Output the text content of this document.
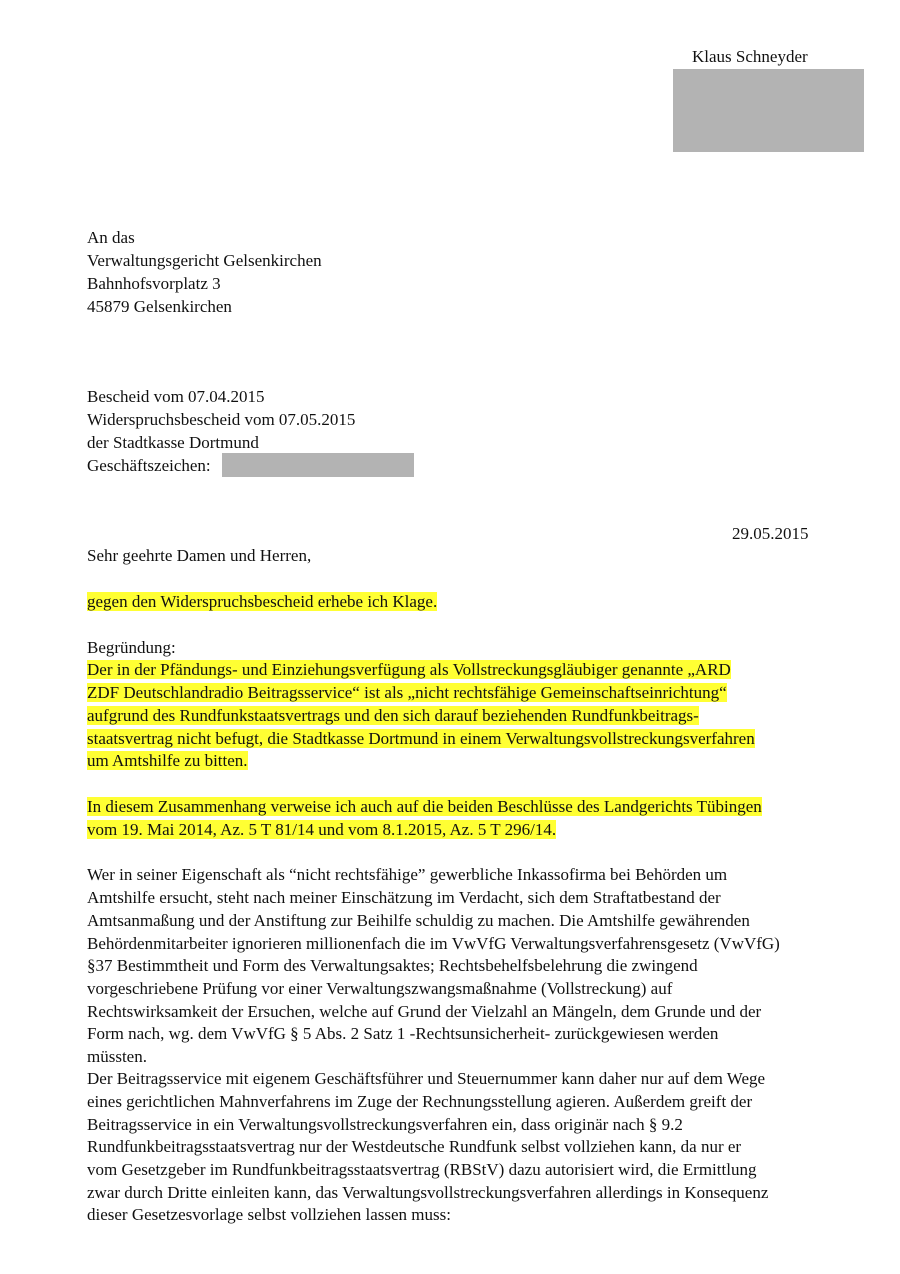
Klaus Schneyder
An das
Verwaltungsgericht Gelsenkirchen
Bahnhofsvorplatz 3
45879 Gelsenkirchen
Bescheid vom 07.04.2015
Widerspruchsbescheid vom 07.05.2015
der Stadtkasse Dortmund
Geschäftszeichen:
29.05.2015
Sehr geehrte Damen und Herren,
gegen den Widerspruchsbescheid erhebe ich Klage.
Begründung:
Der in der Pfändungs- und Einziehungsverfügung als Vollstreckungsgläubiger genannte „ARD
ZDF Deutschlandradio Beitragsservice“ ist als „nicht rechtsfähige Gemeinschaftseinrichtung“
aufgrund des Rundfunkstaatsvertrags und den sich darauf beziehenden Rundfunkbeitrags-
staatsvertrag nicht befugt, die Stadtkasse Dortmund in einem Verwaltungsvollstreckungsverfahren
um Amtshilfe zu bitten.
In diesem Zusammenhang verweise ich auch auf die beiden Beschlüsse des Landgerichts Tübingen
vom 19. Mai 2014, Az. 5 T 81/14 und vom 8.1.2015, Az. 5 T 296/14.
Wer in seiner Eigenschaft als “nicht rechtsfähige” gewerbliche Inkassofirma bei Behörden um
Amtshilfe ersucht, steht nach meiner Einschätzung im Verdacht, sich dem Straftatbestand der
Amtsanmaßung und der Anstiftung zur Beihilfe schuldig zu machen. Die Amtshilfe gewährenden
Behördenmitarbeiter ignorieren millionenfach die im VwVfG Verwaltungsverfahrensgesetz (VwVfG)
§37 Bestimmtheit und Form des Verwaltungsaktes; Rechtsbehelfsbelehrung die zwingend
vorgeschriebene Prüfung vor einer Verwaltungszwangsmaßnahme (Vollstreckung) auf
Rechtswirksamkeit der Ersuchen, welche auf Grund der Vielzahl an Mängeln, dem Grunde und der
Form nach, wg. dem VwVfG § 5 Abs. 2 Satz 1 -Rechtsunsicherheit- zurückgewiesen werden
müssten.
Der Beitragsservice mit eigenem Geschäftsführer und Steuernummer kann daher nur auf dem Wege
eines gerichtlichen Mahnverfahrens im Zuge der Rechnungsstellung agieren. Außerdem greift der
Beitragsservice in ein Verwaltungsvollstreckungsverfahren ein, dass originär nach § 9.2
Rundfunkbeitragsstaatsvertrag nur der Westdeutsche Rundfunk selbst vollziehen kann, da nur er
vom Gesetzgeber im Rundfunkbeitragsstaatsvertrag (RBStV) dazu autorisiert wird, die Ermittlung
zwar durch Dritte einleiten kann, das Verwaltungsvollstreckungsverfahren allerdings in Konsequenz
dieser Gesetzesvorlage selbst vollziehen lassen muss:
